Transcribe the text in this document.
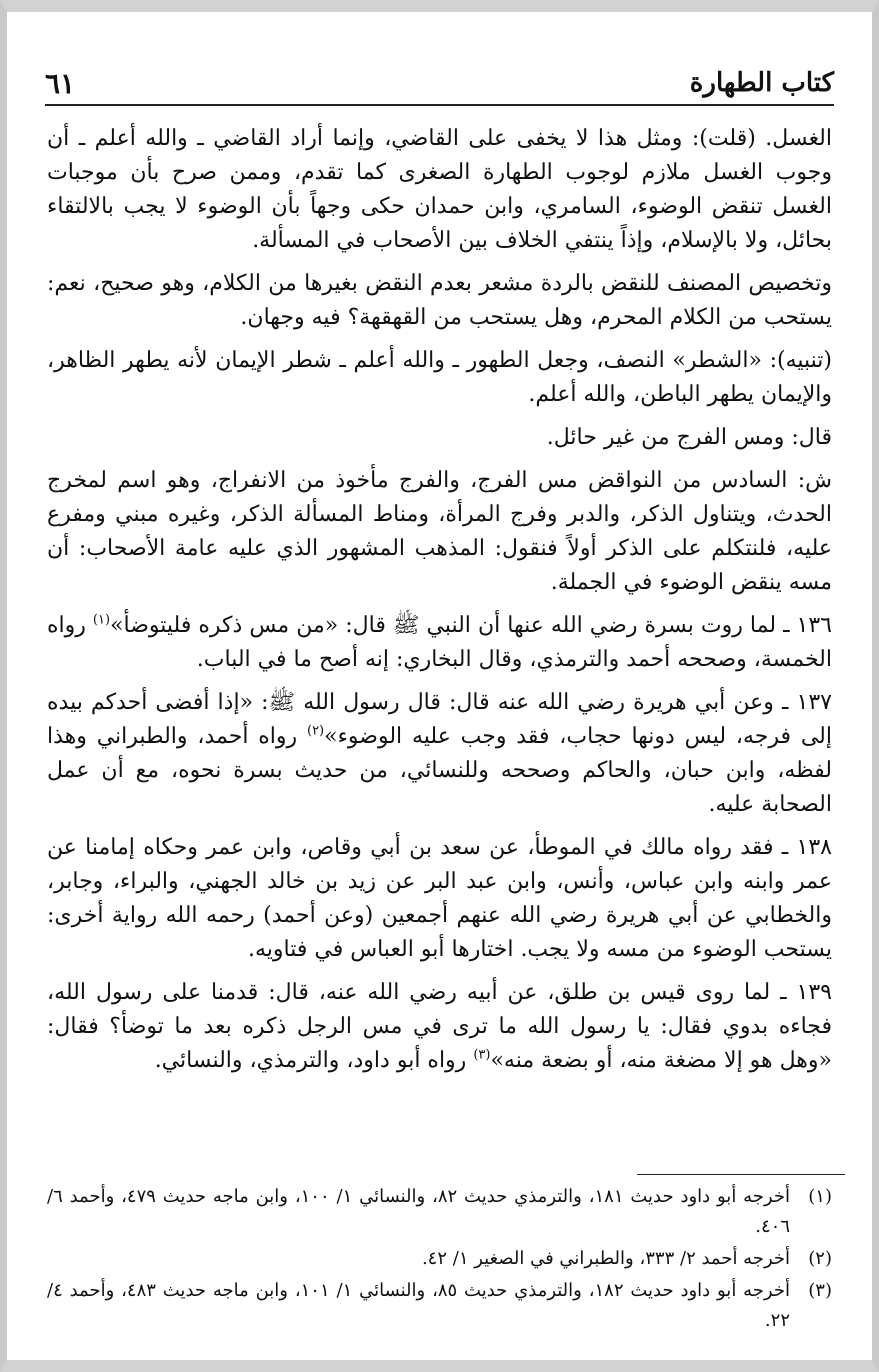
٦١	كتاب الطهارة

الغسل. (قلت): ومثل هذا لا يخفى على القاضي، وإنما أراد القاضي ـ والله أعلم ـ أن وجوب الغسل ملازم لوجوب الطهارة الصغرى كما تقدم، وممن صرح بأن موجبات الغسل تنقض الوضوء، السامري، وابن حمدان حكى وجهاً بأن الوضوء لا يجب بالالتقاء بحائل، ولا بالإسلام، وإذاً ينتفي الخلاف بين الأصحاب في المسألة.

وتخصيص المصنف للنقض بالردة مشعر بعدم النقض بغيرها من الكلام، وهو صحيح، نعم: يستحب من الكلام المحرم، وهل يستحب من القهقهة؟ فيه وجهان.

(تنبيه): «الشطر» النصف، وجعل الطهور ـ والله أعلم ـ شطر الإيمان لأنه يطهر الظاهر، والإيمان يطهر الباطن، والله أعلم.

قال: ومس الفرج من غير حائل.

ش: السادس من النواقض مس الفرج، والفرج مأخوذ من الانفراج، وهو اسم لمخرج الحدث، ويتناول الذكر، والدبر وفرج المرأة، ومناط المسألة الذكر، وغيره مبني ومفرع عليه، فلنتكلم على الذكر أولاً فنقول: المذهب المشهور الذي عليه عامة الأصحاب: أن مسه ينقض الوضوء في الجملة.

١٣٦ ـ لما روت بسرة رضي الله عنها أن النبي ﷺ قال: «من مس ذكره فليتوضأ»$^{(١)}$ رواه الخمسة، وصححه أحمد والترمذي، وقال البخاري: إنه أصح ما في الباب.

١٣٧ ـ وعن أبي هريرة رضي الله عنه قال: قال رسول الله ﷺ: «إذا أفضى أحدكم بيده إلى فرجه، ليس دونها حجاب، فقد وجب عليه الوضوء»$^{(٢)}$ رواه أحمد، والطبراني وهذا لفظه، وابن حبان، والحاكم وصححه وللنسائي، من حديث بسرة نحوه، مع أن عمل الصحابة عليه.

١٣٨ ـ فقد رواه مالك في الموطأ، عن سعد بن أبي وقاص، وابن عمر وحكاه إمامنا عن عمر وابنه وابن عباس، وأنس، وابن عبد البر عن زيد بن خالد الجهني، والبراء، وجابر، والخطابي عن أبي هريرة رضي الله عنهم أجمعين (وعن أحمد) رحمه الله رواية أخرى: يستحب الوضوء من مسه ولا يجب. اختارها أبو العباس في فتاويه.

١٣٩ ـ لما روى قيس بن طلق، عن أبيه رضي الله عنه، قال: قدمنا على رسول الله، فجاءه بدوي فقال: يا رسول الله ما ترى في مس الرجل ذكره بعد ما توضأ؟ فقال: «وهل هو إلا مضغة منه، أو بضعة منه»$^{(٣)}$ رواه أبو داود، والترمذي، والنسائي.

(١)
أخرجه أبو داود حديث ١٨١، والترمذي حديث ٨٢، والنسائي ١/ ١٠٠، وابن ماجه حديث ٤٧٩، وأحمد ٦/ ٤٠٦.
(٢)
أخرجه أحمد ٢/ ٣٣٣، والطبراني في الصغير ١/ ٤٢.
(٣)
أخرجه أبو داود حديث ١٨٢، والترمذي حديث ٨٥، والنسائي ١/ ١٠١، وابن ماجه حديث ٤٨٣، وأحمد ٤/ ٢٢.
